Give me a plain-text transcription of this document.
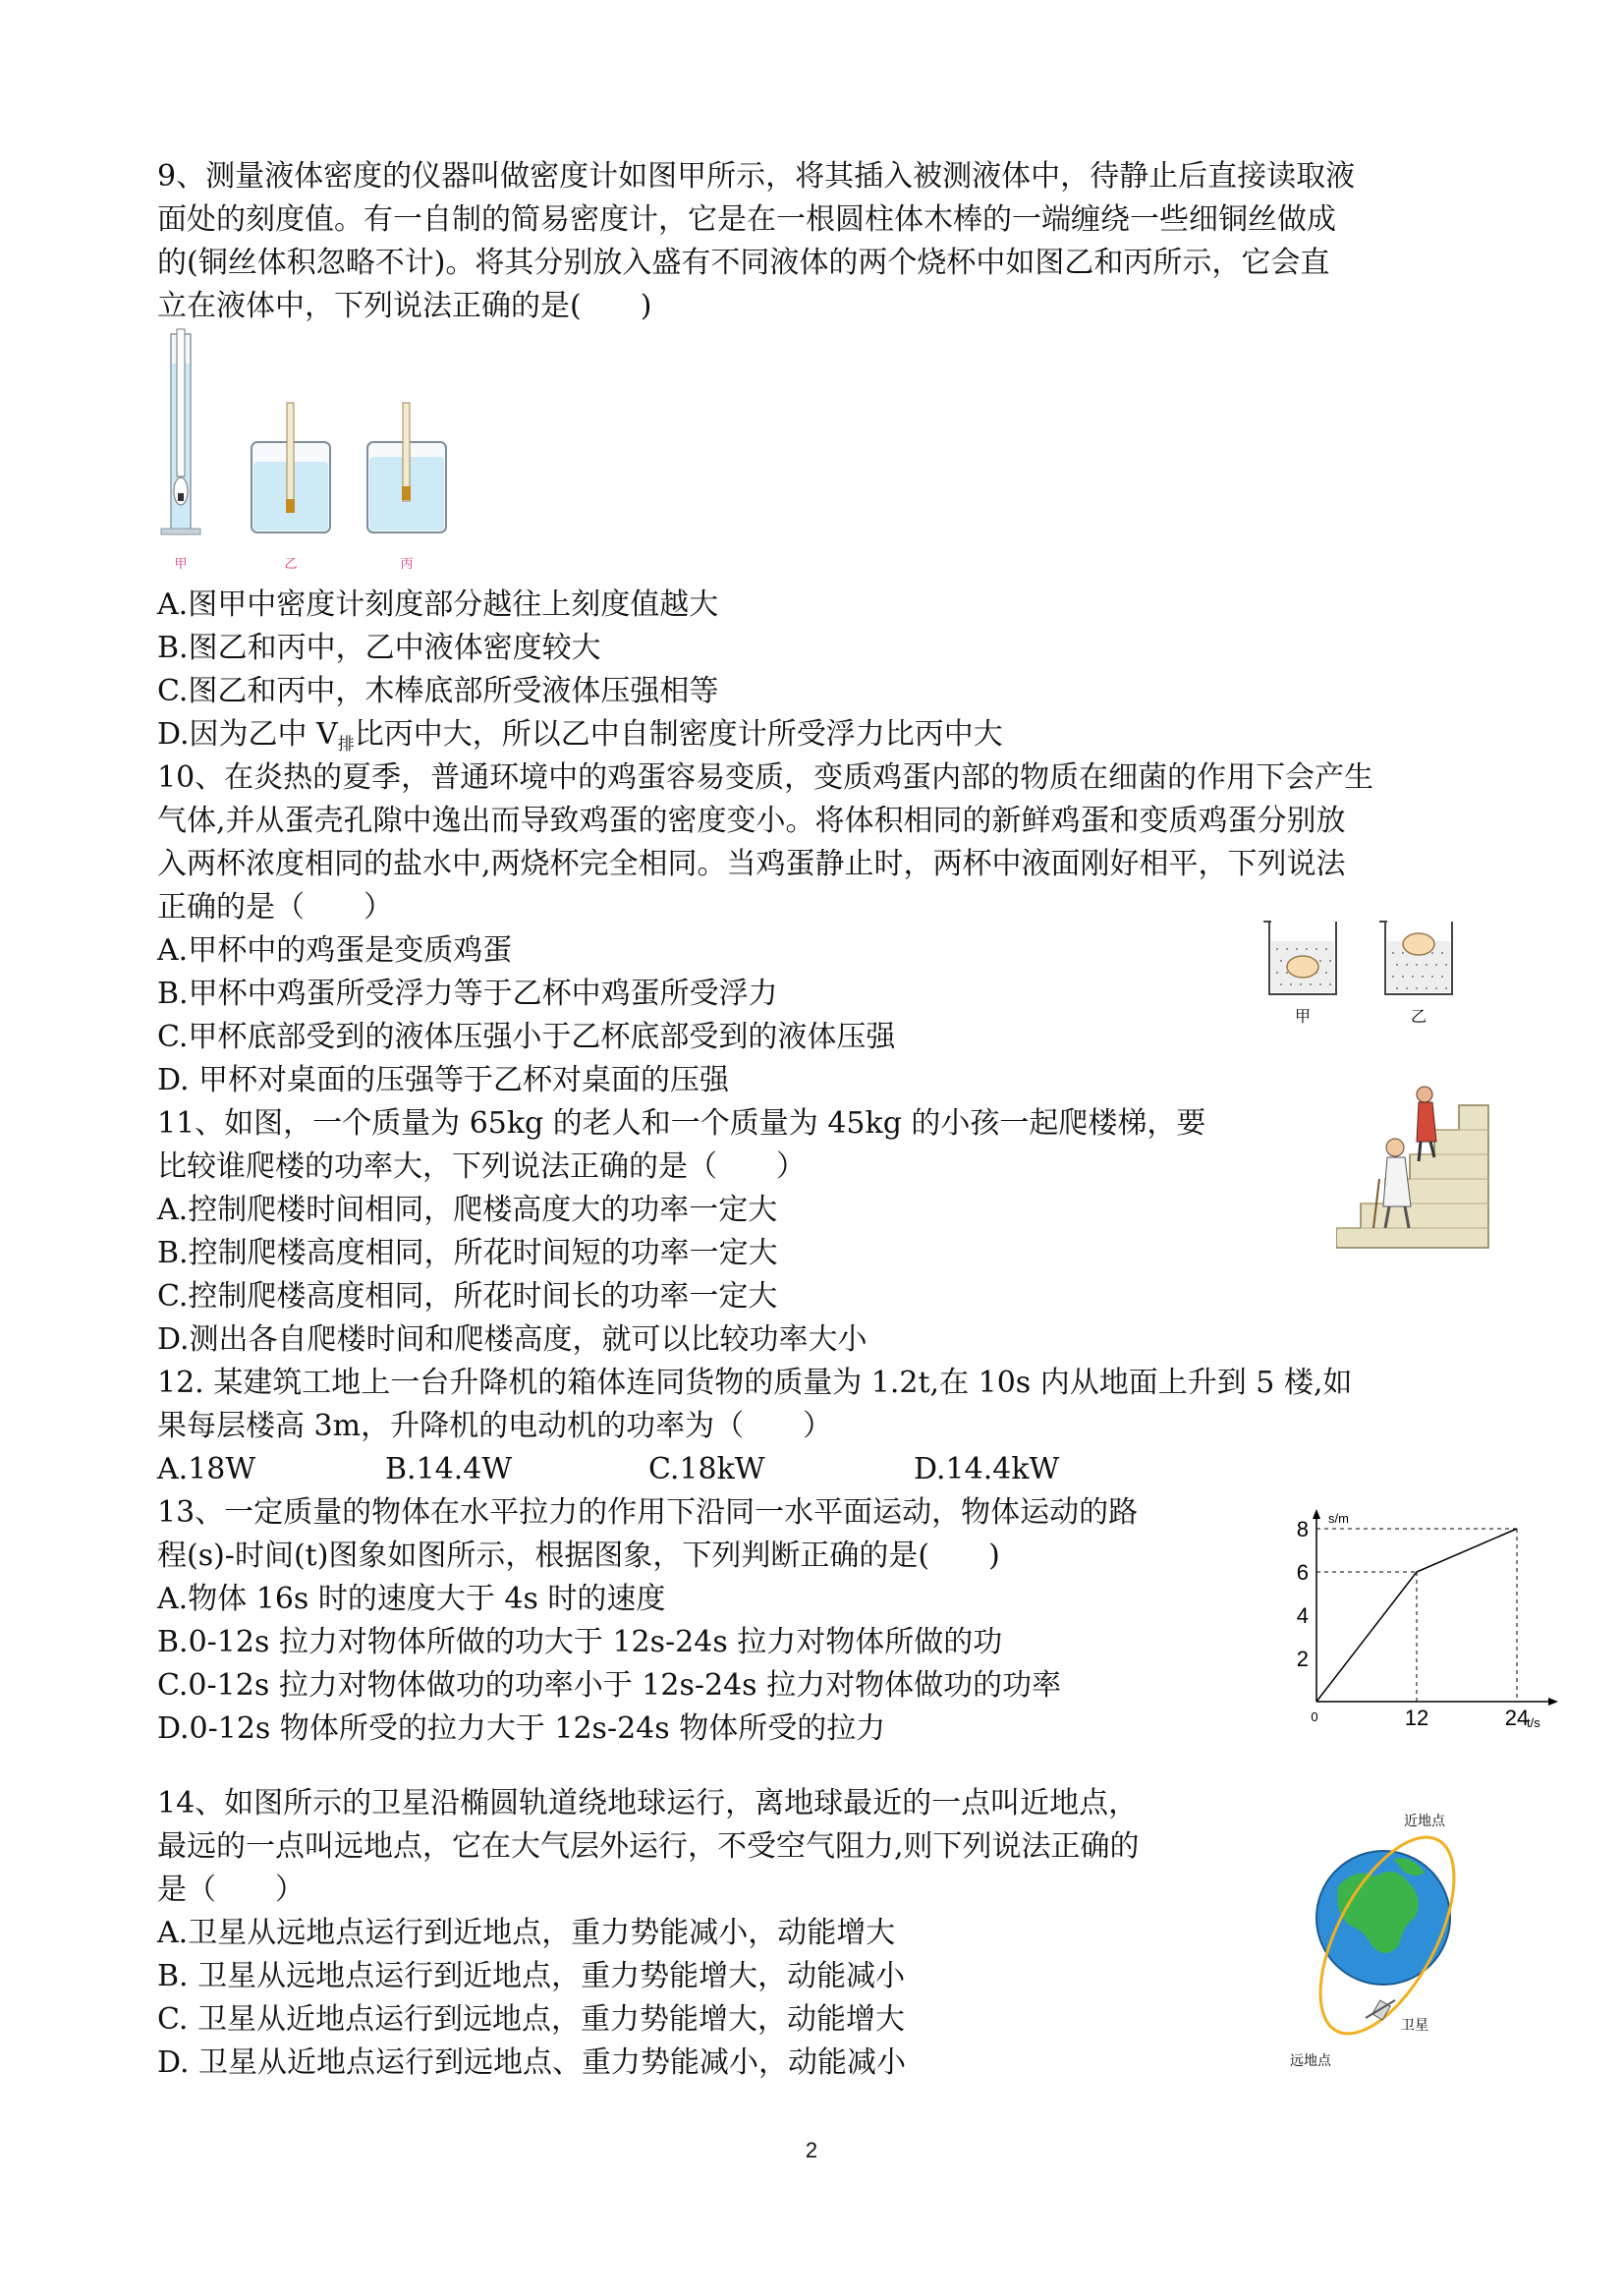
9、测量液体密度的仪器叫做密度计如图甲所示，将其插入被测液体中，待静止后直接读取液
面处的刻度值。有一自制的简易密度计，它是在一根圆柱体木棒的一端缠绕一些细铜丝做成
的(铜丝体积忽略不计)。将其分别放入盛有不同液体的两个烧杯中如图乙和丙所示，它会直
立在液体中，下列说法正确的是(　　)
甲	乙	丙
A.图甲中密度计刻度部分越往上刻度值越大
B.图乙和丙中，乙中液体密度较大
C.图乙和丙中，木棒底部所受液体压强相等
D.因为乙中 $V_排$比丙中大，所以乙中自制密度计所受浮力比丙中大
10、在炎热的夏季，普通环境中的鸡蛋容易变质，变质鸡蛋内部的物质在细菌的作用下会产生
气体,并从蛋壳孔隙中逸出而导致鸡蛋的密度变小。将体积相同的新鲜鸡蛋和变质鸡蛋分别放
入两杯浓度相同的盐水中,两烧杯完全相同。当鸡蛋静止时，两杯中液面刚好相平，下列说法
正确的是（　　）
A.甲杯中的鸡蛋是变质鸡蛋
B.甲杯中鸡蛋所受浮力等于乙杯中鸡蛋所受浮力
C.甲杯底部受到的液体压强小于乙杯底部受到的液体压强
D. 甲杯对桌面的压强等于乙杯对桌面的压强
甲	乙
11、如图，一个质量为 65kg 的老人和一个质量为 45kg 的小孩一起爬楼梯，要
比较谁爬楼的功率大，下列说法正确的是（　　）
A.控制爬楼时间相同，爬楼高度大的功率一定大
B.控制爬楼高度相同，所花时间短的功率一定大
C.控制爬楼高度相同，所花时间长的功率一定大
D.测出各自爬楼时间和爬楼高度，就可以比较功率大小
12. 某建筑工地上一台升降机的箱体连同货物的质量为 1.2t,在 10s 内从地面上升到 5 楼,如
果每层楼高 3m，升降机的电动机的功率为（　　）
A.18W	B.14.4W	C.18kW	D.14.4kW
13、一定质量的物体在水平拉力的作用下沿同一水平面运动，物体运动的路
程(s)-时间(t)图象如图所示，根据图象，下列判断正确的是(　　)
A.物体 16s 时的速度大于 4s 时的速度
B.0-12s 拉力对物体所做的功大于 12s-24s 拉力对物体所做的功
C.0-12s 拉力对物体做功的功率小于 12s-24s 拉力对物体做功的功率
D.0-12s 物体所受的拉力大于 12s-24s 物体所受的拉力
s/m
t/s
0
2
4
6
8
12	24
14、如图所示的卫星沿椭圆轨道绕地球运行，离地球最近的一点叫近地点，
最远的一点叫远地点，它在大气层外运行，不受空气阻力,则下列说法正确的
是（　　）
A.卫星从远地点运行到近地点，重力势能减小，动能增大
B. 卫星从远地点运行到近地点，重力势能增大，动能减小
C. 卫星从近地点运行到远地点，重力势能增大，动能增大
D. 卫星从近地点运行到远地点、重力势能减小，动能减小
近地点
卫星
远地点
2
